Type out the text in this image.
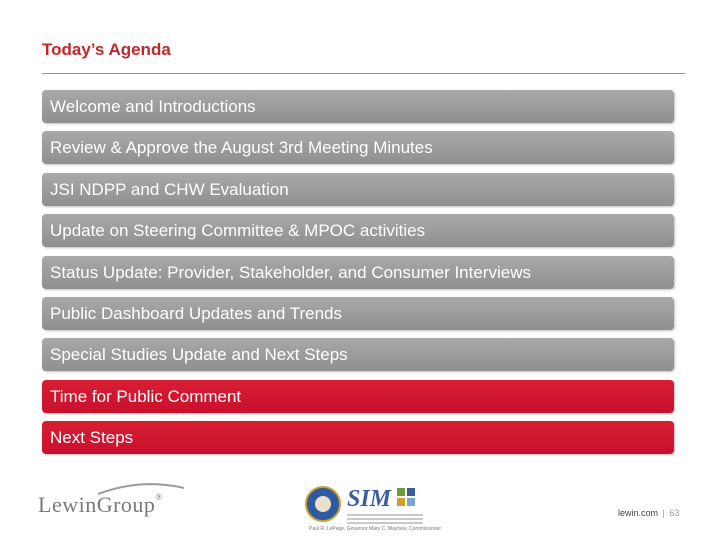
Today’s Agenda
Welcome and Introductions
Review & Approve the August 3rd Meeting Minutes
JSI NDPP and CHW Evaluation
Update on Steering Committee & MPOC activities
Status Update: Provider, Stakeholder, and Consumer Interviews
Public Dashboard Updates and Trends
Special Studies Update and Next Steps
Time for Public Comment
Next Steps
LewinGroup®	SIM
Paul R. LePage, Governor Mary C. Mayhew, Commissioner
lewin.com | 63
